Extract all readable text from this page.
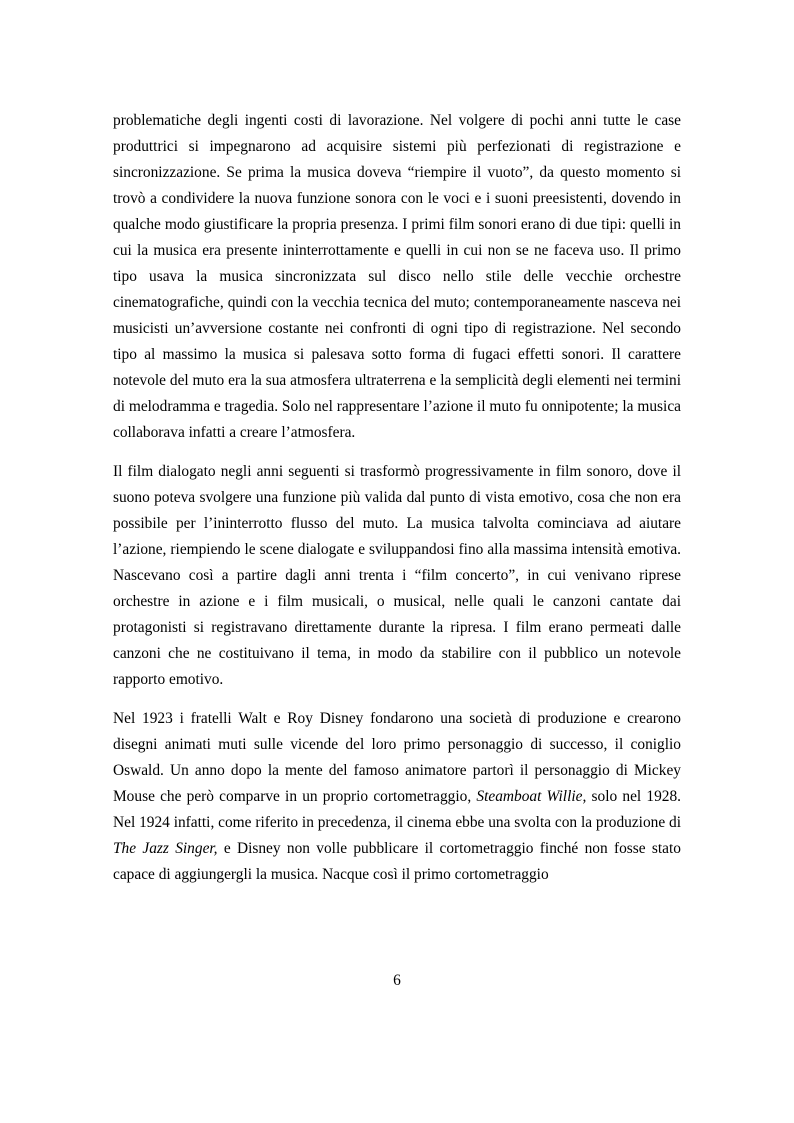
problematiche degli ingenti costi di lavorazione. Nel volgere di pochi anni tutte le case produttrici si impegnarono ad acquisire sistemi più perfezionati di registrazione e sincronizzazione. Se prima la musica doveva “riempire il vuoto”, da questo momento si trovò a condividere la nuova funzione sonora con le voci e i suoni preesistenti, dovendo in qualche modo giustificare la propria presenza. I primi film sonori erano di due tipi: quelli in cui la musica era presente ininterrottamente e quelli in cui non se ne faceva uso. Il primo tipo usava la musica sincronizzata sul disco nello stile delle vecchie orchestre cinematografiche, quindi con la vecchia tecnica del muto; contemporaneamente nasceva nei musicisti un’avversione costante nei confronti di ogni tipo di registrazione. Nel secondo tipo al massimo la musica si palesava sotto forma di fugaci effetti sonori. Il carattere notevole del muto era la sua atmosfera ultraterrena e la semplicità degli elementi nei termini di melodramma e tragedia. Solo nel rappresentare l’azione il muto fu onnipotente; la musica collaborava infatti a creare l’atmosfera.

Il film dialogato negli anni seguenti si trasformò progressivamente in film sonoro, dove il suono poteva svolgere una funzione più valida dal punto di vista emotivo, cosa che non era possibile per l’ininterrotto flusso del muto. La musica talvolta cominciava ad aiutare l’azione, riempiendo le scene dialogate e sviluppandosi fino alla massima intensità emotiva. Nascevano così a partire dagli anni trenta i “film concerto”, in cui venivano riprese orchestre in azione e i film musicali, o musical, nelle quali le canzoni cantate dai protagonisti si registravano direttamente durante la ripresa. I film erano permeati dalle canzoni che ne costituivano il tema, in modo da stabilire con il pubblico un notevole rapporto emotivo.

Nel 1923 i fratelli Walt e Roy Disney fondarono una società di produzione e crearono disegni animati muti sulle vicende del loro primo personaggio di successo, il coniglio Oswald. Un anno dopo la mente del famoso animatore partorì il personaggio di Mickey Mouse che però comparve in un proprio cortometraggio, Steamboat Willie, solo nel 1928. Nel 1924 infatti, come riferito in precedenza, il cinema ebbe una svolta con la produzione di The Jazz Singer, e Disney non volle pubblicare il cortometraggio finché non fosse stato capace di aggiungergli la musica. Nacque così il primo cortometraggio

6
